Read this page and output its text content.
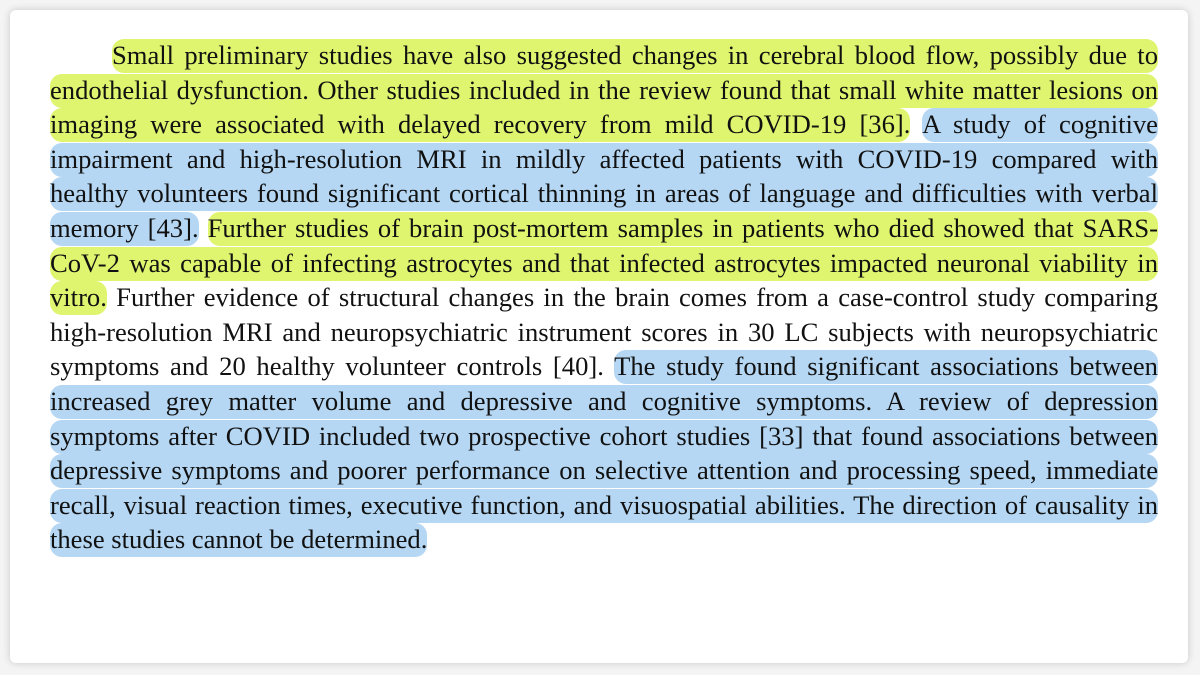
Small preliminary studies have also suggested changes in cerebral blood flow, possibly due to endothelial dysfunction. Other studies included in the review found that small white matter lesions on imaging were associated with delayed recovery from mild COVID-19 [36]. A study of cognitive impairment and high-resolution MRI in mildly affected patients with COVID-19 compared with healthy volunteers found significant cortical thinning in areas of language and difficulties with verbal memory [43]. Further studies of brain post-mortem samples in patients who died showed that SARS-CoV-2 was capable of infecting astrocytes and that infected astrocytes impacted neuronal viability in vitro. Further evidence of structural changes in the brain comes from a case-control study comparing high-resolution MRI and neuropsychiatric instrument scores in 30 LC subjects with neuropsychiatric symptoms and 20 healthy volunteer controls [40]. The study found significant associations between increased grey matter volume and depressive and cognitive symptoms. A review of depression symptoms after COVID included two prospective cohort studies [33] that found associations between depressive symptoms and poorer performance on selective attention and processing speed, immediate recall, visual reaction times, executive function, and visuospatial abilities. The direction of causality in these studies cannot be determined.
